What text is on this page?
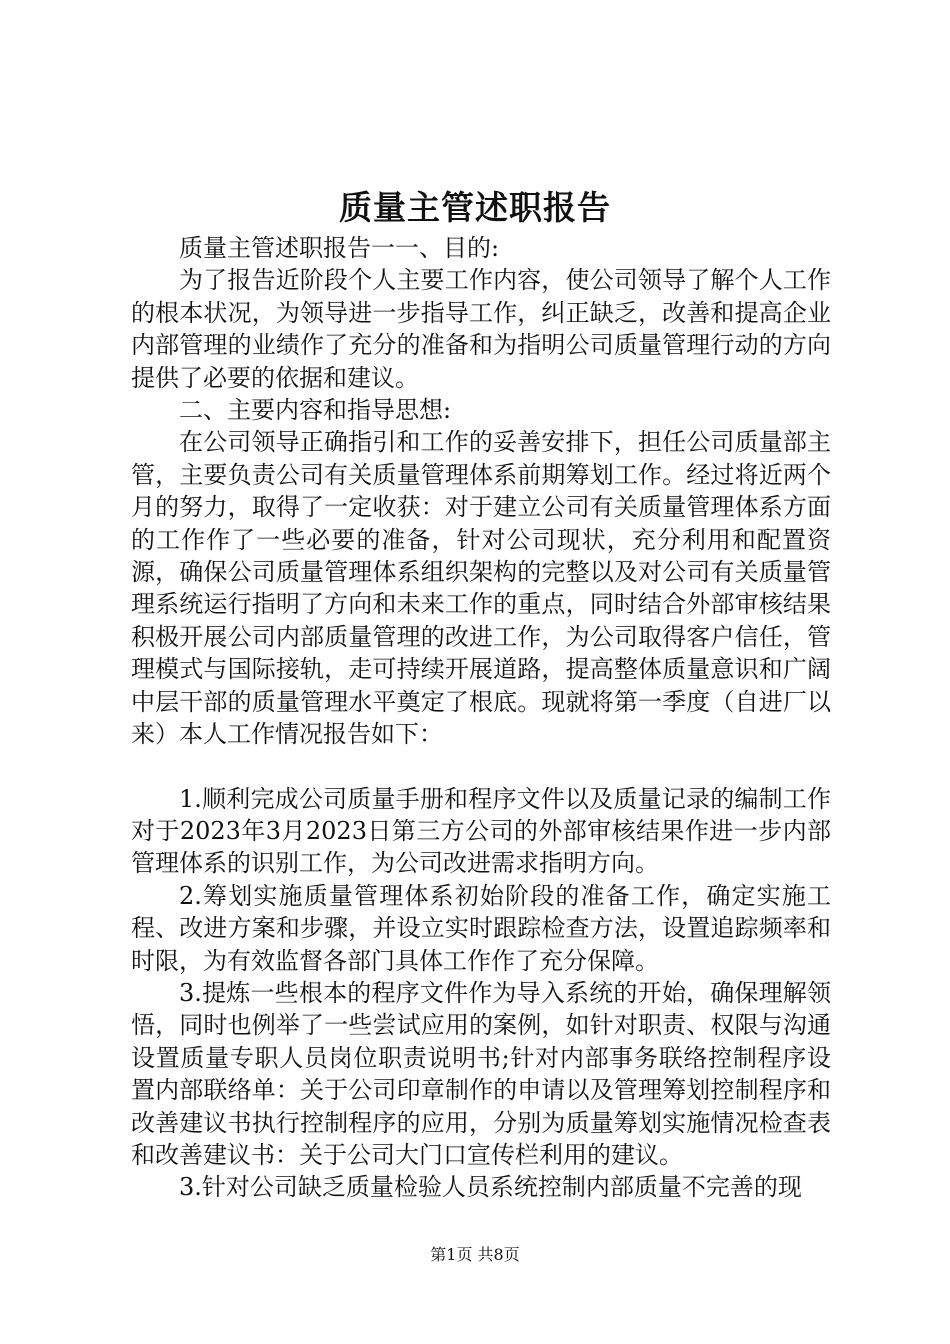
质量主管述职报告

质量主管述职报告一一、目的:

为了报告近阶段个人主要工作内容，使公司领导了解个人工作的根本状况，为领导进一步指导工作，纠正缺乏，改善和提高企业内部管理的业绩作了充分的准备和为指明公司质量管理行动的方向提供了必要的依据和建议。

二、主要内容和指导思想:

在公司领导正确指引和工作的妥善安排下，担任公司质量部主管，主要负责公司有关质量管理体系前期筹划工作。经过将近两个月的努力，取得了一定收获：对于建立公司有关质量管理体系方面的工作作了一些必要的准备，针对公司现状，充分利用和配置资源，确保公司质量管理体系组织架构的完整以及对公司有关质量管理系统运行指明了方向和未来工作的重点，同时结合外部审核结果积极开展公司内部质量管理的改进工作，为公司取得客户信任，管理模式与国际接轨，走可持续开展道路，提高整体质量意识和广阔中层干部的质量管理水平奠定了根底。现就将第一季度（自进厂以来）本人工作情况报告如下：

1.顺利完成公司质量手册和程序文件以及质量记录的编制工作对于2023年3月2023日第三方公司的外部审核结果作进一步内部管理体系的识别工作，为公司改进需求指明方向。

2.筹划实施质量管理体系初始阶段的准备工作，确定实施工程、改进方案和步骤，并设立实时跟踪检查方法，设置追踪频率和时限，为有效监督各部门具体工作作了充分保障。

3.提炼一些根本的程序文件作为导入系统的开始，确保理解领悟，同时也例举了一些尝试应用的案例，如针对职责、权限与沟通设置质量专职人员岗位职责说明书;针对内部事务联络控制程序设置内部联络单：关于公司印章制作的申请以及管理筹划控制程序和改善建议书执行控制程序的应用，分别为质量筹划实施情况检查表和改善建议书：关于公司大门口宣传栏利用的建议。

3.针对公司缺乏质量检验人员系统控制内部质量不完善的现

第1页 共8页
